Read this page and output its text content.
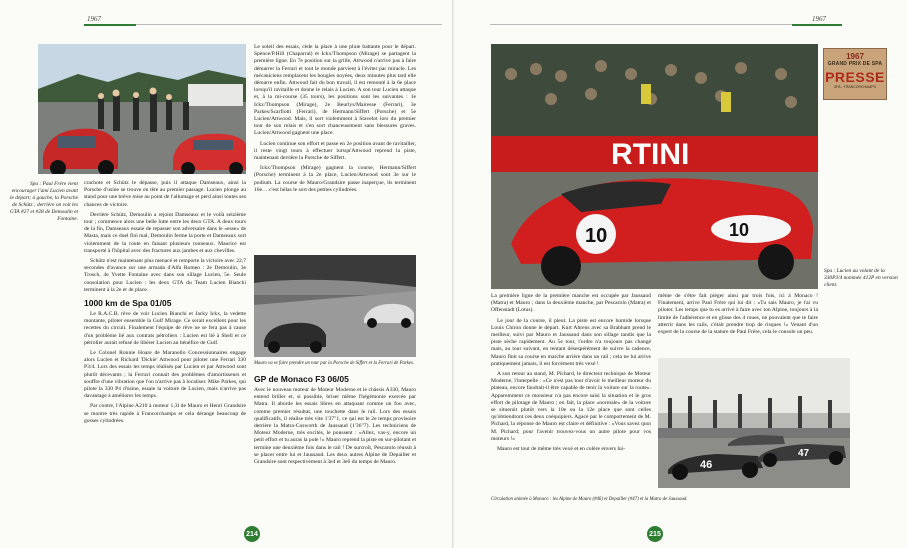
1967
Spa : Paul Frère vient encourager l'ami Lucien avant le départ; à gauche, la Porsche de Schütz ; derrière on voit les GTA #27 et #28 de Demoulin et Fontaine.

crachote et Schütz le dépasse, puis il attaque Damseaux, ainsi la Porsche d'usine se trouve en tête au premier passage. Lucien plonge au stand pour une brève mise au point de l'allumage et perd ainsi toutes ses chances de victoire.

Derrière Schütz, Demoulin a rejoint Damseaux et le voilà seizième tour ; commence alors une belle lutte entre les deux GTA. A deux tours de la fin, Damseaux essaie de repasser son adversaire dans le «esse» de Masta, mais ce duel fini mal, Demoulin ferme la porte et Damseaux sort violemment de la route en faisant plusieurs tonneaux. Maurice est transporté à l'hôpital avec des fractures aux jambes et aux chevilles.

Schütz n'est maintenant plus menacé et remporte la victoire avec 22,7 secondes d'avance sur une armada d'Alfa Romeo : 2e Demoulin, 3e Trosch, 4e Yvette Fontaine avec dans son sillage Lucien, 5e. Seule consolation pour Lucien : les deux GTA du Team Lucien Bianchi terminent à la 2e et 4e place.

1000 km de Spa 01/05

Le R.A.C.B. rêve de voir Lucien Bianchi et Jacky Ickx, la vedette montante, piloter ensemble la Gulf Mirage. Ce serait excellent pour les recettes du circuit. Finalement l'équipe de rêve ne se fera pas à cause d'un problème lié aux contrats pétroliers : Lucien est lié à Shell et ce pétrolier aurait refusé de libérer Lucien au bénéfice de Gulf.

Le Colonel Ronnie Hoare de Maranello Concessionnaires engage alors Lucien et Richard 'Dickie' Attwood pour piloter une Ferrari 330 P3/4. Lors des essais les temps réalisés par Lucien et par Attwood sont plutôt décevants ; la Ferrari connait des problèmes d'amortisseurs et souffre d'une vibration que l'on n'arrive pas à localiser. Mike Parkes, qui pilote la 330 P4 d'usine, essaie la voiture de Lucien, mais n'arrive pas davantage à améliorer les temps.

Par contre, l'Alpine A210 à moteur 1,3l de Mauro et Henri Grandsire se montre très rapide à Francorchamps et cela dérange beaucoup de gosses cylindrées.

Le soleil des essais, cède la place à une pluie battante pour le départ. Spence/P.Hill (Chaparral) et Ickx/Thompson (Mirage) se partagent la première ligne. En 7e position sur la grille, Attwood n'arrive pas à faire démarrer la Ferrari et tout le monde parvient à l'éviter par miracle. Les mécaniciens remplacent les bougies noyées, deux minutes plus tard elle démarre enfin. Attwood fait du bon travail, il est remonté à la 6e place lorsqu'il ravitaille et donne le relais à Lucien. A son tour Lucien attaque et, à la mi-course (35 tours), les positions sont les suivantes : 1e Ickx/Thompson (Mirage), 2e Beurlys/Mairesse (Ferrari), 3e Parkes/Scarfiotti (Ferrari), 4e Hermann/Siffert (Porsche) et 5e Lucien/Attwood. Mais, il sort violemment à Stavelot lors du premier tour de son relais et s'en sort chanceusement sans blessures graves. Lucien/Attwood gagnent une place.

Lucien continue son effort et passe en 2e position avant de ravitailler, il reste vingt tours à effectuer lorsqu'Attwood reprend la piste, maintenant derrière la Porsche de Siffert.

Ickx/Thompson (Mirage) gagnent la course, Hermann/Siffert (Porsche) terminent à la 2e place, Lucien/Attwood sont 3e sur le podium. La course de Mauro/Grandsire passe inaperçue, ils terminent 16e… c'est hélas le sort des petites cylindrées.

Mauro va se faire prendre un tour par la Porsche de Siffert et la Ferrari de Parkes.
GP de Monaco F3 06/05

Avec le nouveau moteur de Moteur Moderne et le châssis A330, Mauro entend briller et, si possible, briser même l'hégémonie exercée par Matra. Il aborde les essais libres en attaquant comme un fou avec, comme premier résultat, une touchette dans le rail. Lors des essais qualificatifs, il réalise très vite 1'37"1, ce qui est le 2e temps provisoire derrière la Matra-Cosworth de Jaussaud (1'36"7). Les techniciens de Moteur Moderne, très excités, le poussent : «Allez, vas-y, encore un petit effort et tu auras la pole !» Mauro reprend la piste en sur-pilotant et termine une deuxième fois dans le rail ! De surcroît, Pescarolo réussit à se placer entre lui et Jaussaud. Les deux autres Alpine de Depailler et Grandsire sont respectivement à 3e4 et 3e6 du temps de Mauro.

214
1967
RTINI
10	10
1967
GRAND PRIX DE SPA
PRESSE
SPA - FRANCORCHAMPS
Spa : Lucien au volant de la 330P3/4 nommée 412P en version client.

La première ligne de la première manche est occupée par Jaussaud (Matra) et Mauro ; dans la deuxième manche, par Pescarolo (Matra) et Offenstadt (Lotus).

Le jour de la course, il pleut. La piste est encore humide lorsque Louis Chiron donne le départ. Kurt Ahrens avec sa Brabham prend le meilleur, suivi par Mauro et Jaussaud dans son sillage tandis que la piste sèche rapidement. Au 5e tour, l'ordre n'a toujours pas changé mais, au tour suivant, en tentant désespérément de suivre la cadence, Mauro finit sa course en marche arrière dans un rail ; cela ne lui arrive pratiquement jamais, il est forcément très vexé !

A son retour au stand, M. Pichard, le directeur technique de Moteur Moderne, l'interpelle : «Ce n'est pas tout d'avoir le meilleur moteur du plateau, encore faudrait-il être capable de tenir la voiture sur la route». Apparemment ce monsieur n'a pas encore saisi la situation et le gros effort de pilotage de Mauro ; en fait, la place «normale» de la voiture se situerait plutôt vers la 10e ou la 12e place que sont celles qu'obtiendront ces deux coéquipiers. Agacé par le comportement de M. Pichard, la réponse de Mauro est claire et définitive : «Vous savez quoi M. Pichard; pour l'avenir trouvez-vous un autre pilote pour vos moteurs !»

Mauro est tout de même très vexé et en colère envers lui-

même de s'être fait piéger ainsi par trois fois, ici à Monaco ! Finalement, arrive Paul Frère qui lui dit : «Tu sais Mauro, je t'ai vu piloter. Les temps que tu es arrivé à faire avec ton Alpine, toujours à la limite de l'adhérence et en glisse des 4 roues, ne pouvaient que te faire atterrir dans les rails, c'était prendre trop de risques !» Venant d'un expert de la course de la stature de Paul Frère, cela le console un peu.

46
47
Circulation animée à Monaco : les Alpine de Mauro (#46) et Depailler (#47) et la Matra de Jaussaud.
215
